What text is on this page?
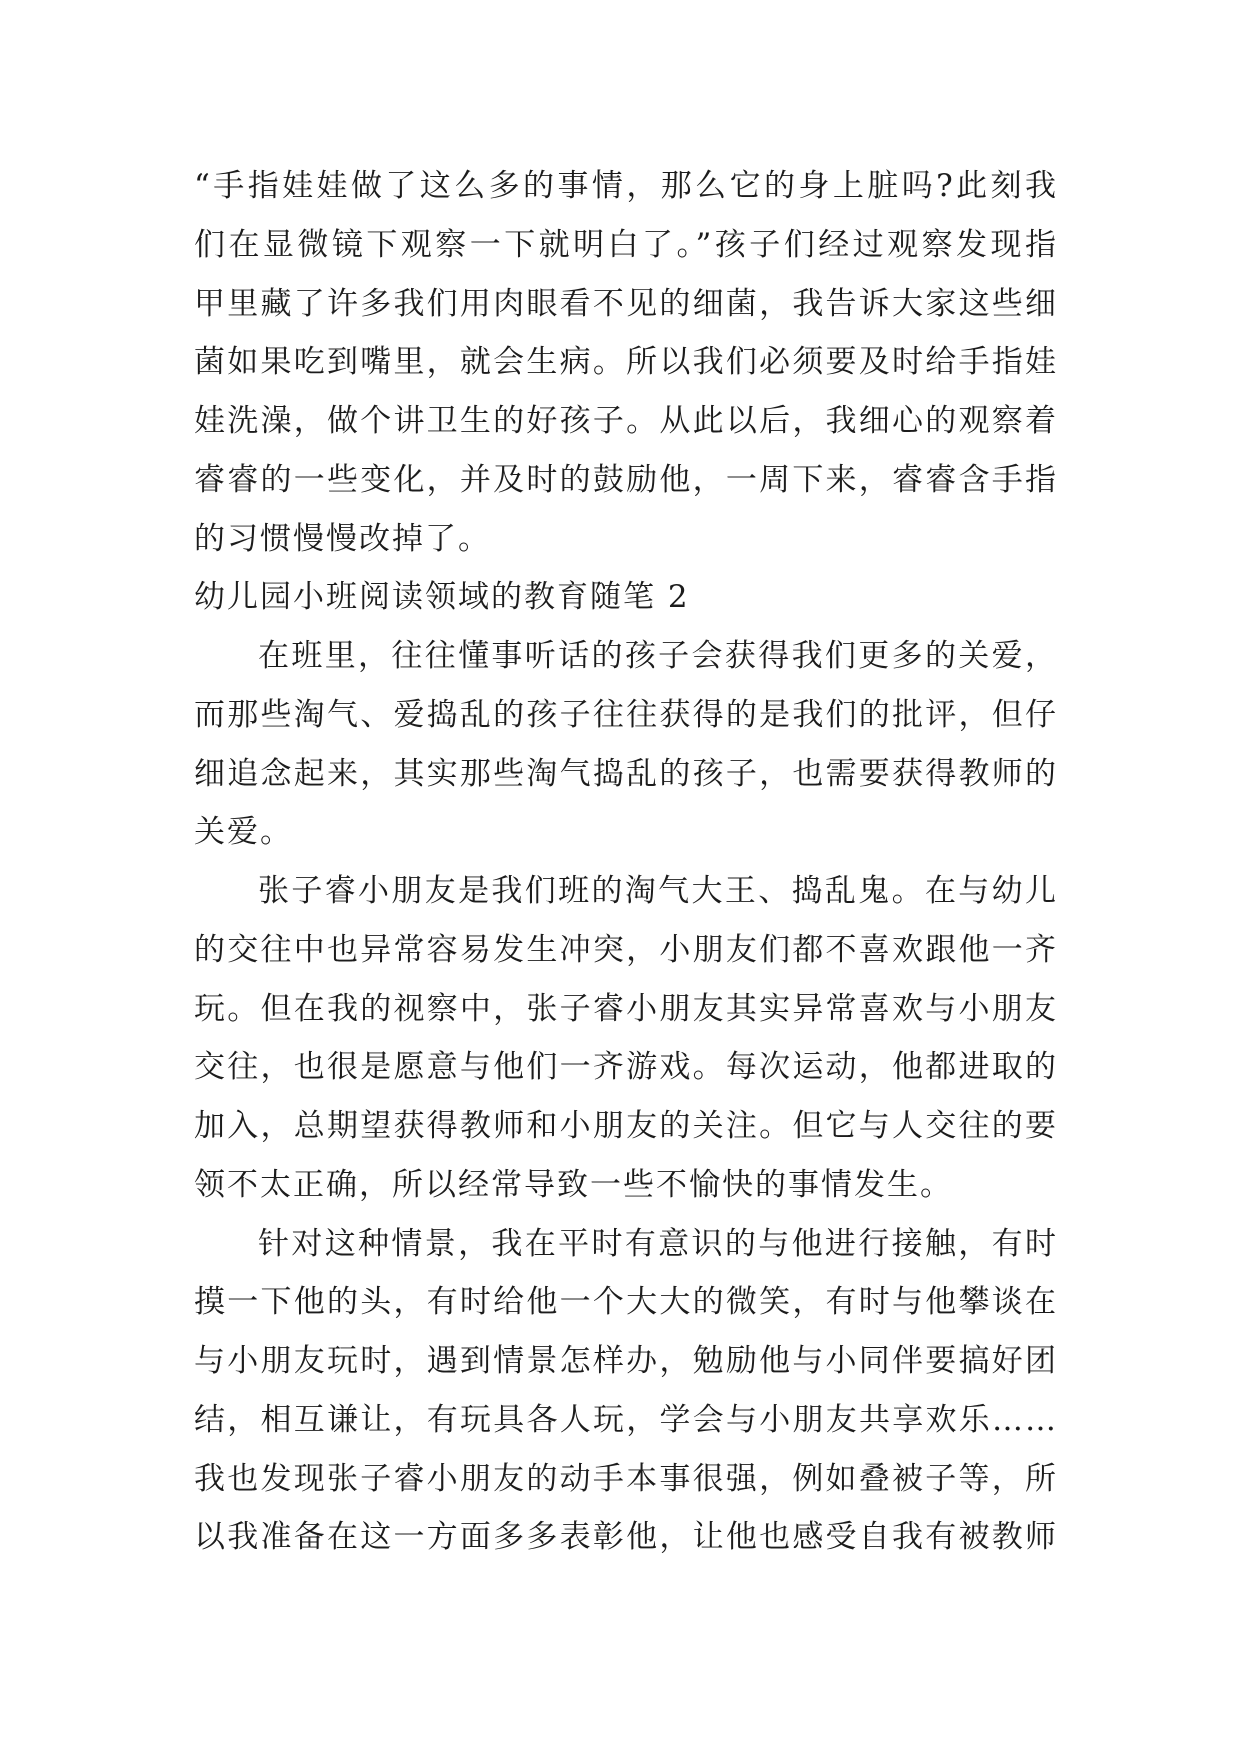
“手指娃娃做了这么多的事情，那么它的身上脏吗?此刻我
们在显微镜下观察一下就明白了。”孩子们经过观察发现指
甲里藏了许多我们用肉眼看不见的细菌，我告诉大家这些细
菌如果吃到嘴里，就会生病。所以我们必须要及时给手指娃
娃洗澡，做个讲卫生的好孩子。从此以后，我细心的观察着
睿睿的一些变化，并及时的鼓励他，一周下来，睿睿含手指
的习惯慢慢改掉了。
幼儿园小班阅读领域的教育随笔 2
在班里，往往懂事听话的孩子会获得我们更多的关爱，
而那些淘气、爱捣乱的孩子往往获得的是我们的批评，但仔
细追念起来，其实那些淘气捣乱的孩子，也需要获得教师的
关爱。
张子睿小朋友是我们班的淘气大王、捣乱鬼。在与幼儿
的交往中也异常容易发生冲突，小朋友们都不喜欢跟他一齐
玩。但在我的视察中，张子睿小朋友其实异常喜欢与小朋友
交往，也很是愿意与他们一齐游戏。每次运动，他都进取的
加入，总期望获得教师和小朋友的关注。但它与人交往的要
领不太正确，所以经常导致一些不愉快的事情发生。
针对这种情景，我在平时有意识的与他进行接触，有时
摸一下他的头，有时给他一个大大的微笑，有时与他攀谈在
与小朋友玩时，遇到情景怎样办，勉励他与小同伴要搞好团
结，相互谦让，有玩具各人玩，学会与小朋友共享欢乐……
我也发现张子睿小朋友的动手本事很强，例如叠被子等，所
以我准备在这一方面多多表彰他，让他也感受自我有被教师
